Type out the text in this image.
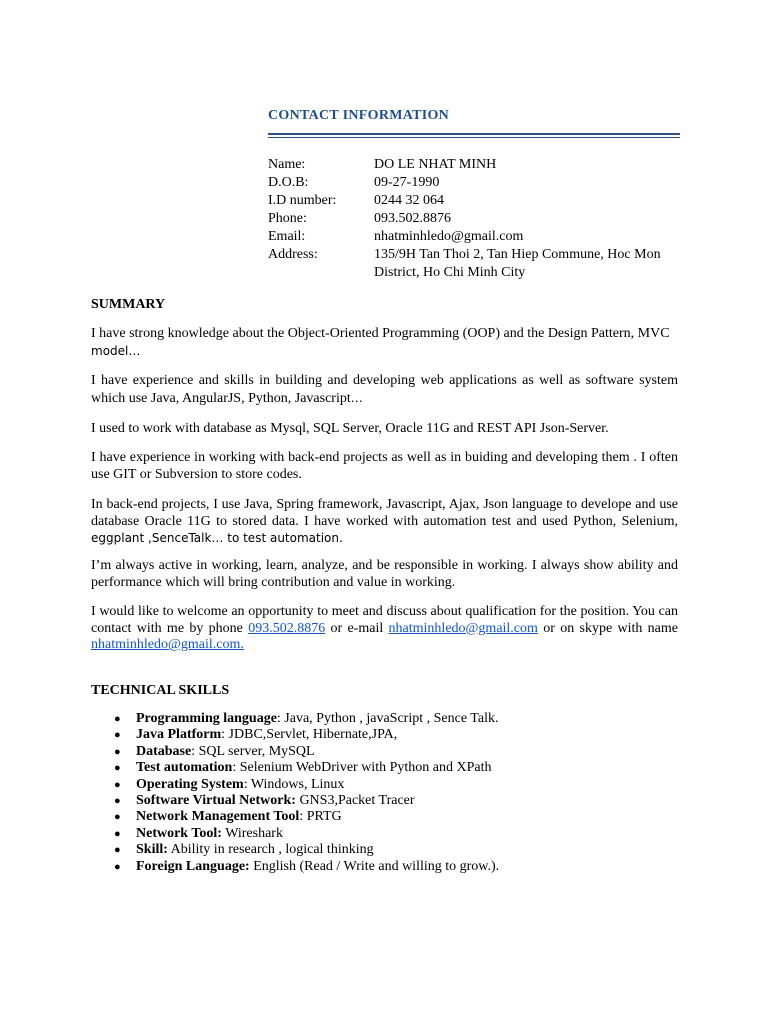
CONTACT INFORMATION
Name:	DO LE NHAT MINH
D.O.B:	09-27-1990
I.D number:	0244 32 064
Phone:	093.502.8876
Email:	nhatminhledo@gmail.com
Address:	135/9H Tan Thoi 2, Tan Hiep Commune, Hoc Mon District, Ho Chi Minh City
SUMMARY

I have strong knowledge about the Object-Oriented Programming (OOP) and the Design Pattern, MVC
model…

I have experience and skills in building and developing web applications as well as software system which use Java, AngularJS, Python, Javascript…

I used to work with database as Mysql, SQL Server, Oracle 11G and REST API Json-Server.

I have experience in working with back-end projects as well as in buiding and developing them . I often use GIT or Subversion to store codes.

In back-end projects, I use Java, Spring framework, Javascript, Ajax, Json language to develope and use database Oracle 11G to stored data. I have worked with automation test and used Python, Selenium, eggplant ,SenceTalk… to test automation.

I’m always active in working, learn, analyze, and be responsible in working. I always show ability and performance which will bring contribution and value in working.

I would like to welcome an opportunity to meet and discuss about qualification for the position. You can contact with me by phone 093.502.8876 or e-mail nhatminhledo@gmail.com or on skype with name nhatminhledo@gmail.com.

TECHNICAL SKILLS
● Programming language: Java, Python , javaScript , Sence Talk.
● Java Platform: JDBC,Servlet, Hibernate,JPA,
● Database: SQL server, MySQL
● Test automation: Selenium WebDriver with Python and XPath
● Operating System: Windows, Linux
● Software Virtual Network: GNS3,Packet Tracer
● Network Management Tool: PRTG
● Network Tool: Wireshark
● Skill: Ability in research , logical thinking
● Foreign Language: English (Read / Write and willing to grow.).
